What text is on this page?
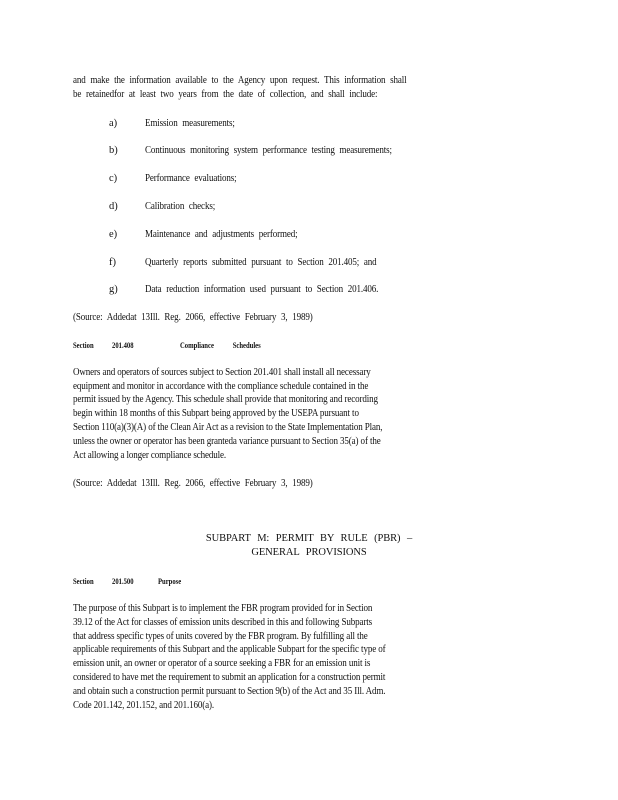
and make the information available to the Agency upon request. This information shall

be retainedfor at least two years from the date of collection, and shall include:

a)	Emission measurements;

b)	Continuous monitoring system performance testing measurements;

c)	Performance evaluations;

d)	Calibration checks;

e)	Maintenance and adjustments performed;

f)	Quarterly reports submitted pursuant to Section 201.405; and

g)	Data reduction information used pursuant to Section 201.406.

(Source: Addedat 13Ill. Reg. 2066, effective February 3, 1989)

Section 201.408	Compliance Schedules

Owners and operators of sources subject to Section 201.401 shall install all necessary

equipment and monitor in accordance with the compliance schedule contained in the

permit issued by the Agency. This schedule shall provide that monitoring and recording

begin within 18 months of this Subpart being approved by the USEPA pursuant to

Section 110(a)(3)(A) of the Clean Air Act as a revision to the State Implementation Plan,

unless the owner or operator has been granteda variance pursuant to Section 35(a) of the

Act allowing a longer compliance schedule.

(Source: Addedat 13Ill. Reg. 2066, effective February 3, 1989)

SUBPART M: PERMIT BY RULE (PBR) –

GENERAL PROVISIONS

Section 201.500	Purpose

The purpose of this Subpart is to implement the FBR program provided for in Section

39.12 of the Act for classes of emission units described in this and following Subparts

that address specific types of units covered by the FBR program. By fulfilling all the

applicable requirements of this Subpart and the applicable Subpart for the specific type of

emission unit, an owner or operator of a source seeking a FBR for an emission unit is

considered to have met the requirement to submit an application for a construction permit

and obtain such a construction permit pursuant to Section 9(b) of the Act and 35 Ill. Adm.

Code 201.142, 201.152, and 201.160(a).
